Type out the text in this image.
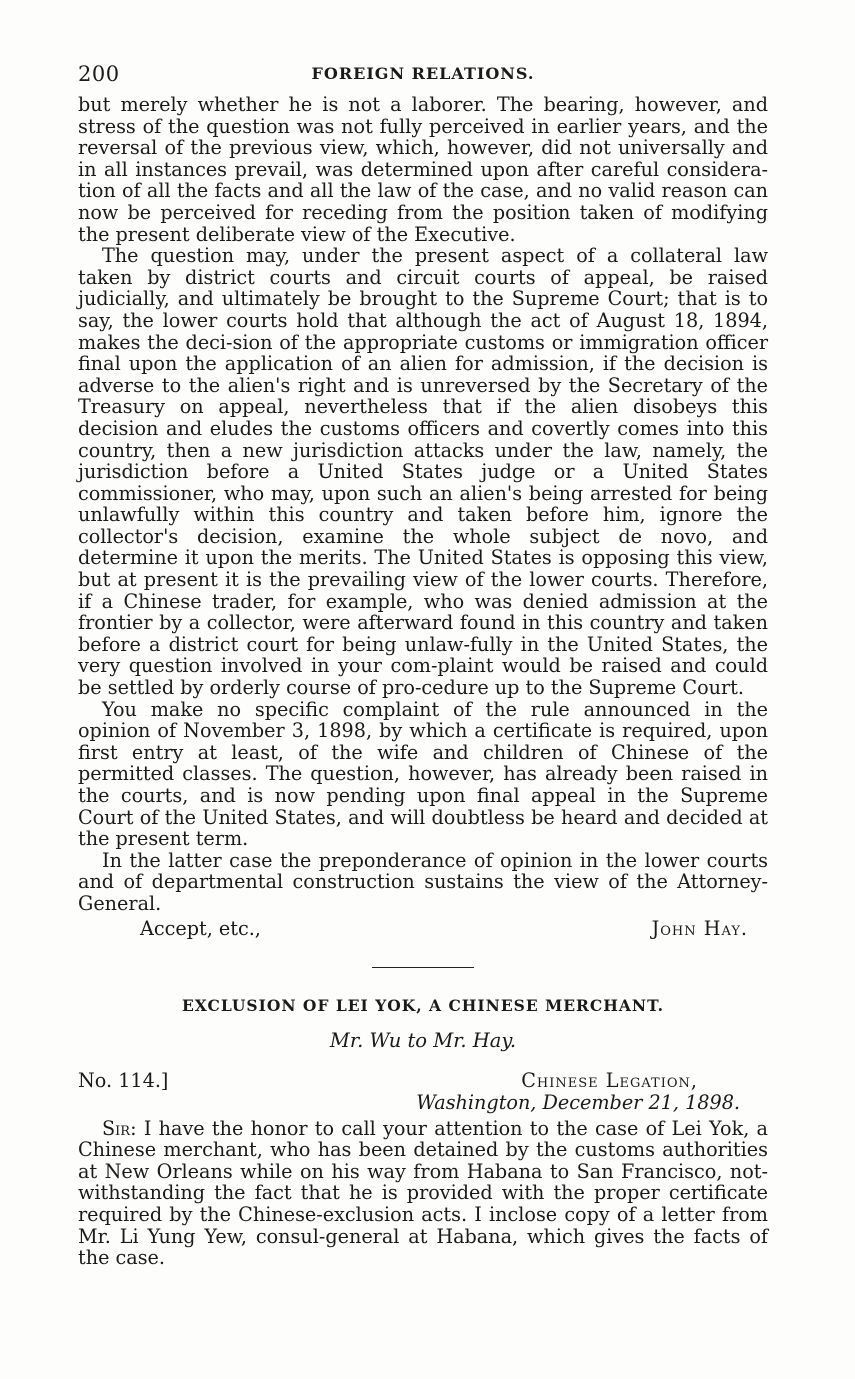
200	FOREIGN RELATIONS.

but merely whether he is not a laborer. The bearing, however, and stress of the question was not fully perceived in earlier years, and the reversal of the previous view, which, however, did not universally and in all instances prevail, was determined upon after careful considera-tion of all the facts and all the law of the case, and no valid reason can now be perceived for receding from the position taken of modifying the present deliberate view of the Executive.

The question may, under the present aspect of a collateral law taken by district courts and circuit courts of appeal, be raised judicially, and ultimately be brought to the Supreme Court; that is to say, the lower courts hold that although the act of August 18, 1894, makes the deci-sion of the appropriate customs or immigration officer final upon the application of an alien for admission, if the decision is adverse to the alien's right and is unreversed by the Secretary of the Treasury on appeal, nevertheless that if the alien disobeys this decision and eludes the customs officers and covertly comes into this country, then a new jurisdiction attacks under the law, namely, the jurisdiction before a United States judge or a United States commissioner, who may, upon such an alien's being arrested for being unlawfully within this country and taken before him, ignore the collector's decision, examine the whole subject de novo, and determine it upon the merits. The United States is opposing this view, but at present it is the prevailing view of the lower courts. Therefore, if a Chinese trader, for example, who was denied admission at the frontier by a collector, were afterward found in this country and taken before a district court for being unlaw-fully in the United States, the very question involved in your com-plaint would be raised and could be settled by orderly course of pro-cedure up to the Supreme Court.

You make no specific complaint of the rule announced in the opinion of November 3, 1898, by which a certificate is required, upon first entry at least, of the wife and children of Chinese of the permitted classes. The question, however, has already been raised in the courts, and is now pending upon final appeal in the Supreme Court of the United States, and will doubtless be heard and decided at the present term.

In the latter case the preponderance of opinion in the lower courts and of departmental construction sustains the view of the Attorney-General.

Accept, etc.,	John Hay.
EXCLUSION OF LEI YOK, A CHINESE MERCHANT.
Mr. Wu to Mr. Hay.
No. 114.]	Chinese Legation,
Washington, December 21, 1898.

Sir: I have the honor to call your attention to the case of Lei Yok, a Chinese merchant, who has been detained by the customs authorities at New Orleans while on his way from Habana to San Francisco, not-withstanding the fact that he is provided with the proper certificate required by the Chinese-exclusion acts. I inclose copy of a letter from Mr. Li Yung Yew, consul-general at Habana, which gives the facts of the case.
